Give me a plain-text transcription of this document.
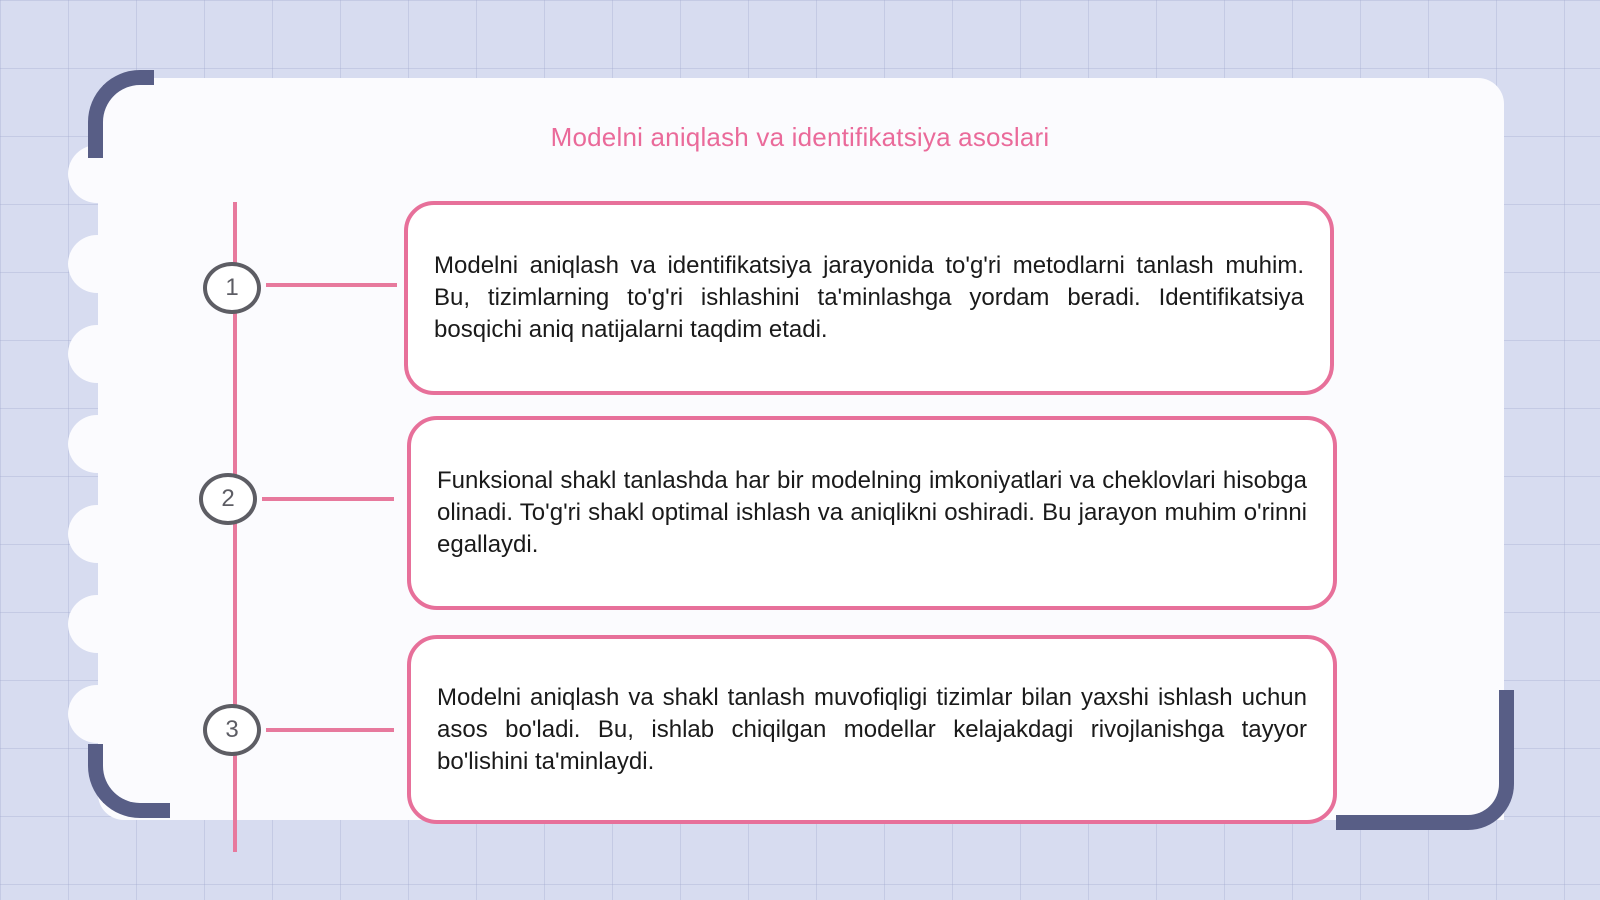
Modelni aniqlash va identifikatsiya asoslari
1
2
3

Modelni aniqlash va identifikatsiya jarayonida to'g'ri metodlarni tanlash muhim. Bu, tizimlarning to'g'ri ishlashini ta'minlashga yordam beradi. Identifikatsiya bosqichi aniq natijalarni taqdim etadi.

Funksional shakl tanlashda har bir modelning imkoniyatlari va cheklovlari hisobga olinadi. To'g'ri shakl optimal ishlash va aniqlikni oshiradi. Bu jarayon muhim o'rinni egallaydi.

Modelni aniqlash va shakl tanlash muvofiqligi tizimlar bilan yaxshi ishlash uchun asos bo'ladi. Bu, ishlab chiqilgan modellar kelajakdagi rivojlanishga tayyor bo'lishini ta'minlaydi.
